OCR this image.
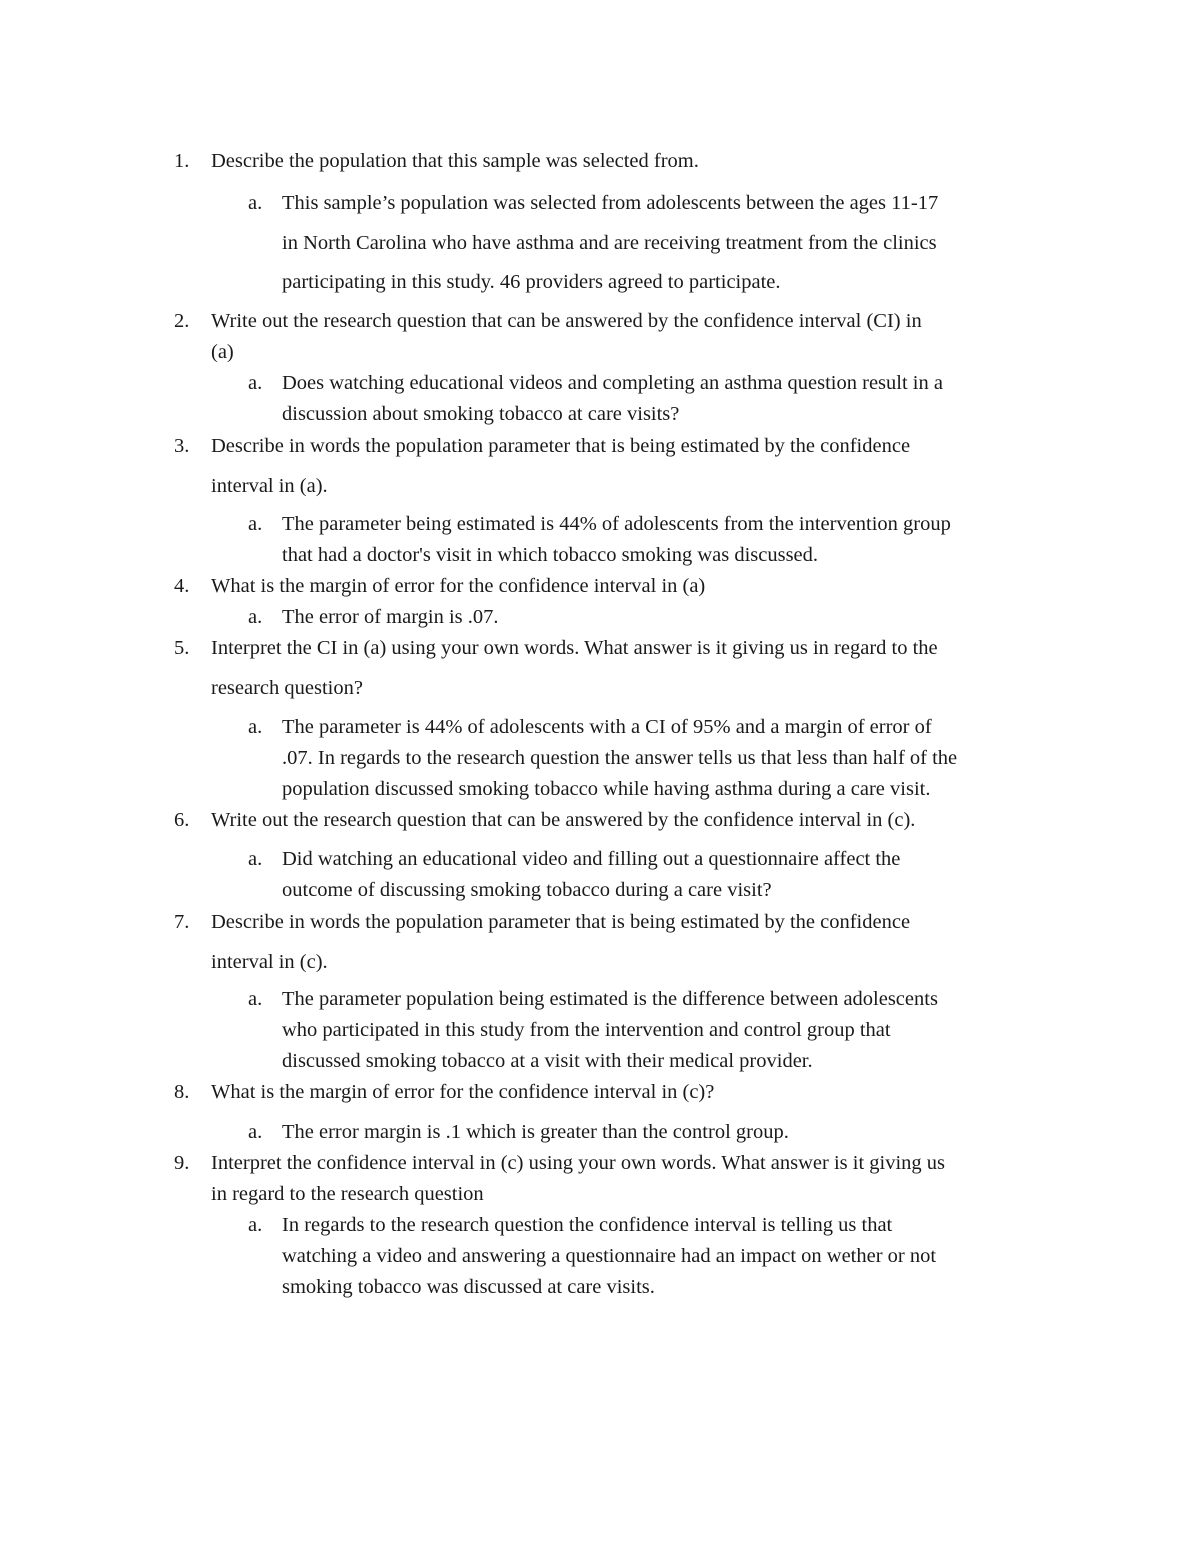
1.	Describe the population that this sample was selected from.
a. This sample’s population was selected from adolescents between the ages 11-17
in North Carolina who have asthma and are receiving treatment from the clinics
participating in this study. 46 providers agreed to participate.
2.	Write out the research question that can be answered by the confidence interval (CI) in
(a)
a. Does watching educational videos and completing an asthma question result in a
discussion about smoking tobacco at care visits?
3.	Describe in words the population parameter that is being estimated by the confidence
interval in (a).
a. The parameter being estimated is 44% of adolescents from the intervention group
that had a doctor's visit in which tobacco smoking was discussed.
4.	What is the margin of error for the confidence interval in (a)
a. The error of margin is .07.
5.	Interpret the CI in (a) using your own words. What answer is it giving us in regard to the
research question?
a. The parameter is 44% of adolescents with a CI of 95% and a margin of error of
.07. In regards to the research question the answer tells us that less than half of the
population discussed smoking tobacco while having asthma during a care visit.
6.	Write out the research question that can be answered by the confidence interval in (c).
a. Did watching an educational video and filling out a questionnaire affect the
outcome of discussing smoking tobacco during a care visit?
7.	Describe in words the population parameter that is being estimated by the confidence
interval in (c).
a. The parameter population being estimated is the difference between adolescents
who participated in this study from the intervention and control group that
discussed smoking tobacco at a visit with their medical provider.
8.	What is the margin of error for the confidence interval in (c)?
a. The error margin is .1 which is greater than the control group.
9.	Interpret the confidence interval in (c) using your own words. What answer is it giving us
in regard to the research question
a. In regards to the research question the confidence interval is telling us that
watching a video and answering a questionnaire had an impact on wether or not
smoking tobacco was discussed at care visits.
